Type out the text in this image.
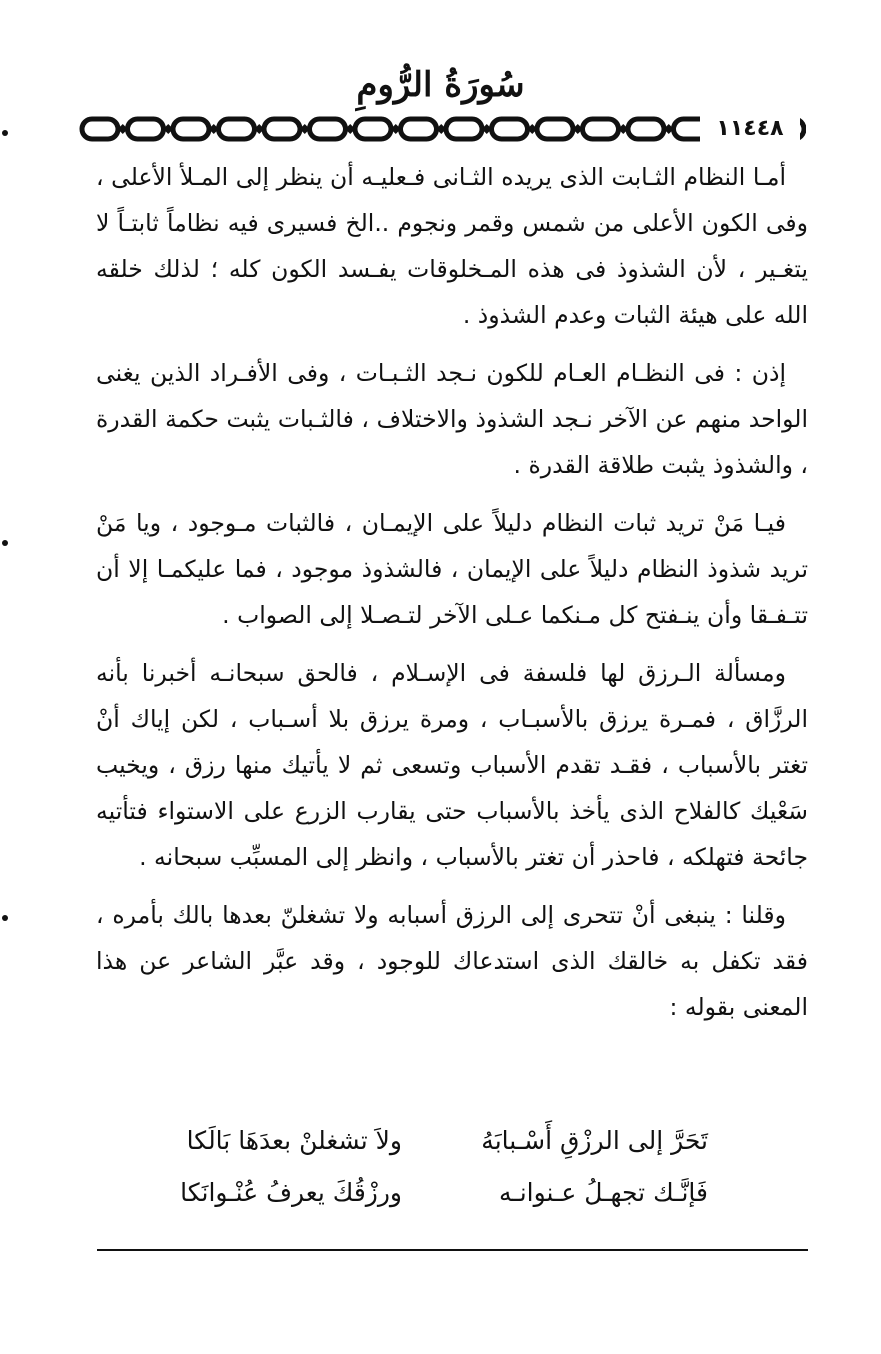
سُورَةُ الرُّومِ
١١٤٤٨

أمـا النظام الثـابت الذى يريده الثـانى فـعليـه أن ينظر إلى المـلأ الأعلى ، وفى الكون الأعلى من شمس وقمر ونجوم ..الخ فسيرى فيه نظاماً ثابتـاً لا يتغـير ، لأن الشذوذ فى هذه المـخلوقات يفـسد الكون كله ؛ لذلك خلقه الله على هيئة الثبات وعدم الشذوذ .

إذن : فى النظـام العـام للكون نـجد الثـبـات ، وفى الأفـراد الذين يغنى الواحد منهم عن الآخر نـجد الشذوذ والاختلاف ، فالثـبات يثبت حكمة القدرة ، والشذوذ يثبت طلاقة القدرة .

فيـا مَنْ تريد ثبات النظام دليلاً على الإيمـان ، فالثبات مـوجود ، ويا مَنْ تريد شذوذ النظام دليلاً على الإيمان ، فالشذوذ موجود ، فما عليكمـا إلا أن تتـفـقا وأن ينـفتح كل مـنكما عـلى الآخر لتـصـلا إلى الصواب .

ومسألة الـرزق لها فلسفة فى الإسـلام ، فالحق سبحانـه أخبرنا بأنه الرزَّاق ، فمـرة يرزق بالأسبـاب ، ومرة يرزق بلا أسـباب ، لكن إياك أنْ تغتر بالأسباب ، فقـد تقدم الأسباب وتسعى ثم لا يأتيك منها رزق ، ويخيب سَعْيك كالفلاح الذى يأخذ بالأسباب حتى يقارب الزرع على الاستواء فتأتيه جائحة فتهلكه ، فاحذر أن تغتر بالأسباب ، وانظر إلى المسبِّب سبحانه .

وقلنا : ينبغى أنْ تتحرى إلى الرزق أسبابه ولا تشغلنّ بعدها بالك بأمره ، فقد تكفل به خالقك الذى استدعاك للوجود ، وقد عبَّر الشاعر عن هذا المعنى بقوله :

تَحَرَّ إلى الرزْقِ أَسْـبابَهُ
ولاَ تشغلنْ بعدَهَا بَالَكا
فَإنَّـك تجهـلُ عـنوانـه
ورزْقُكَ يعرفُ عُنْـوانَكا
